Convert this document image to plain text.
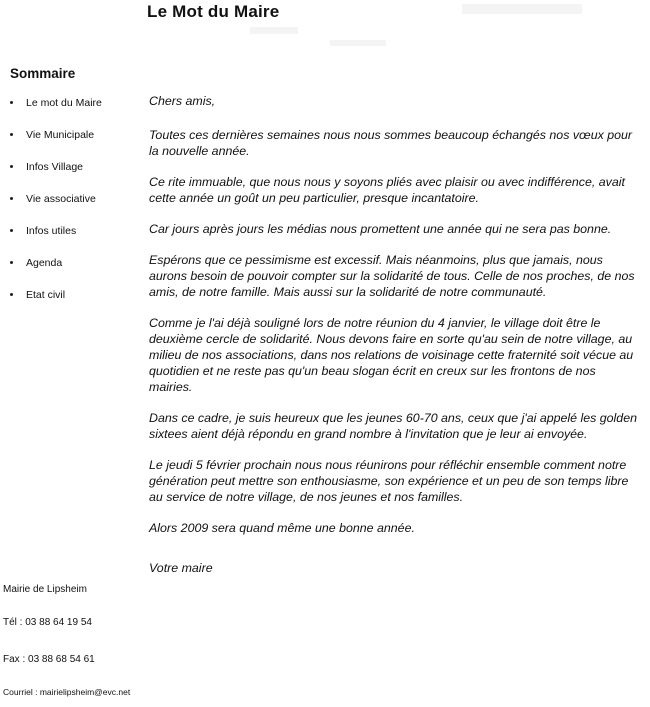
Le Mot du Maire
Sommaire
Le mot du Maire
Vie Municipale
Infos Village
Vie associative
Infos utiles
Agenda
Etat civil
Mairie de Lipsheim
Tél : 03 88 64 19 54
Fax : 03 88 68 54 61
Courriel : mairielipsheim@evc.net

Chers amis,

Toutes ces dernières semaines nous nous sommes beaucoup échangés nos vœux pour la nouvelle année.

Ce rite immuable, que nous nous y soyons pliés avec plaisir ou avec indifférence, avait cette année un goût un peu particulier, presque incantatoire.

Car jours après jours les médias nous promettent une année qui ne sera pas bonne.

Espérons que ce pessimisme est excessif. Mais néanmoins, plus que jamais, nous aurons besoin de pouvoir compter sur la solidarité de tous. Celle de nos proches, de nos amis, de notre famille. Mais aussi sur la solidarité de notre communauté.

Comme je l'ai déjà souligné lors de notre réunion du 4 janvier, le village doit être le deuxième cercle de solidarité. Nous devons faire en sorte qu'au sein de notre village, au milieu de nos associations, dans nos relations de voisinage cette fraternité soit vécue au quotidien et ne reste pas qu'un beau slogan écrit en creux sur les frontons de nos mairies.

Dans ce cadre, je suis heureux que les jeunes 60-70 ans, ceux que j'ai appelé les golden sixtees aient déjà répondu en grand nombre à l'invitation que je leur ai envoyée.

Le jeudi 5 février prochain nous nous réunirons pour réfléchir ensemble comment notre génération peut mettre son enthousiasme, son expérience et un peu de son temps libre au service de notre village, de nos jeunes et nos familles.

Alors 2009 sera quand même une bonne année.

Votre maire
